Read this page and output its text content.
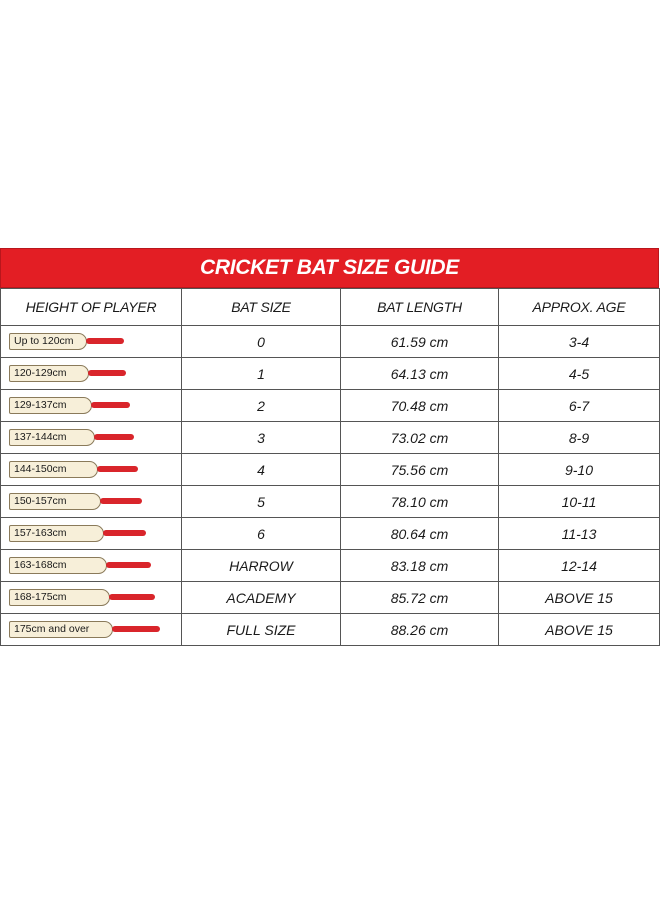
CRICKET BAT SIZE GUIDE
HEIGHT OF PLAYER	BAT SIZE	BAT LENGTH	APPROX. AGE

Up to 120cm	0	61.59 cm	3-4

120-129cm	1	64.13 cm	4-5

129-137cm	2	70.48 cm	6-7

137-144cm	3	73.02 cm	8-9

144-150cm	4	75.56 cm	9-10

150-157cm	5	78.10 cm	10-11

157-163cm	6	80.64 cm	11-13

163-168cm	HARROW	83.18 cm	12-14

168-175cm	ACADEMY	85.72 cm	ABOVE 15

175cm and over	FULL SIZE	88.26 cm	ABOVE 15
